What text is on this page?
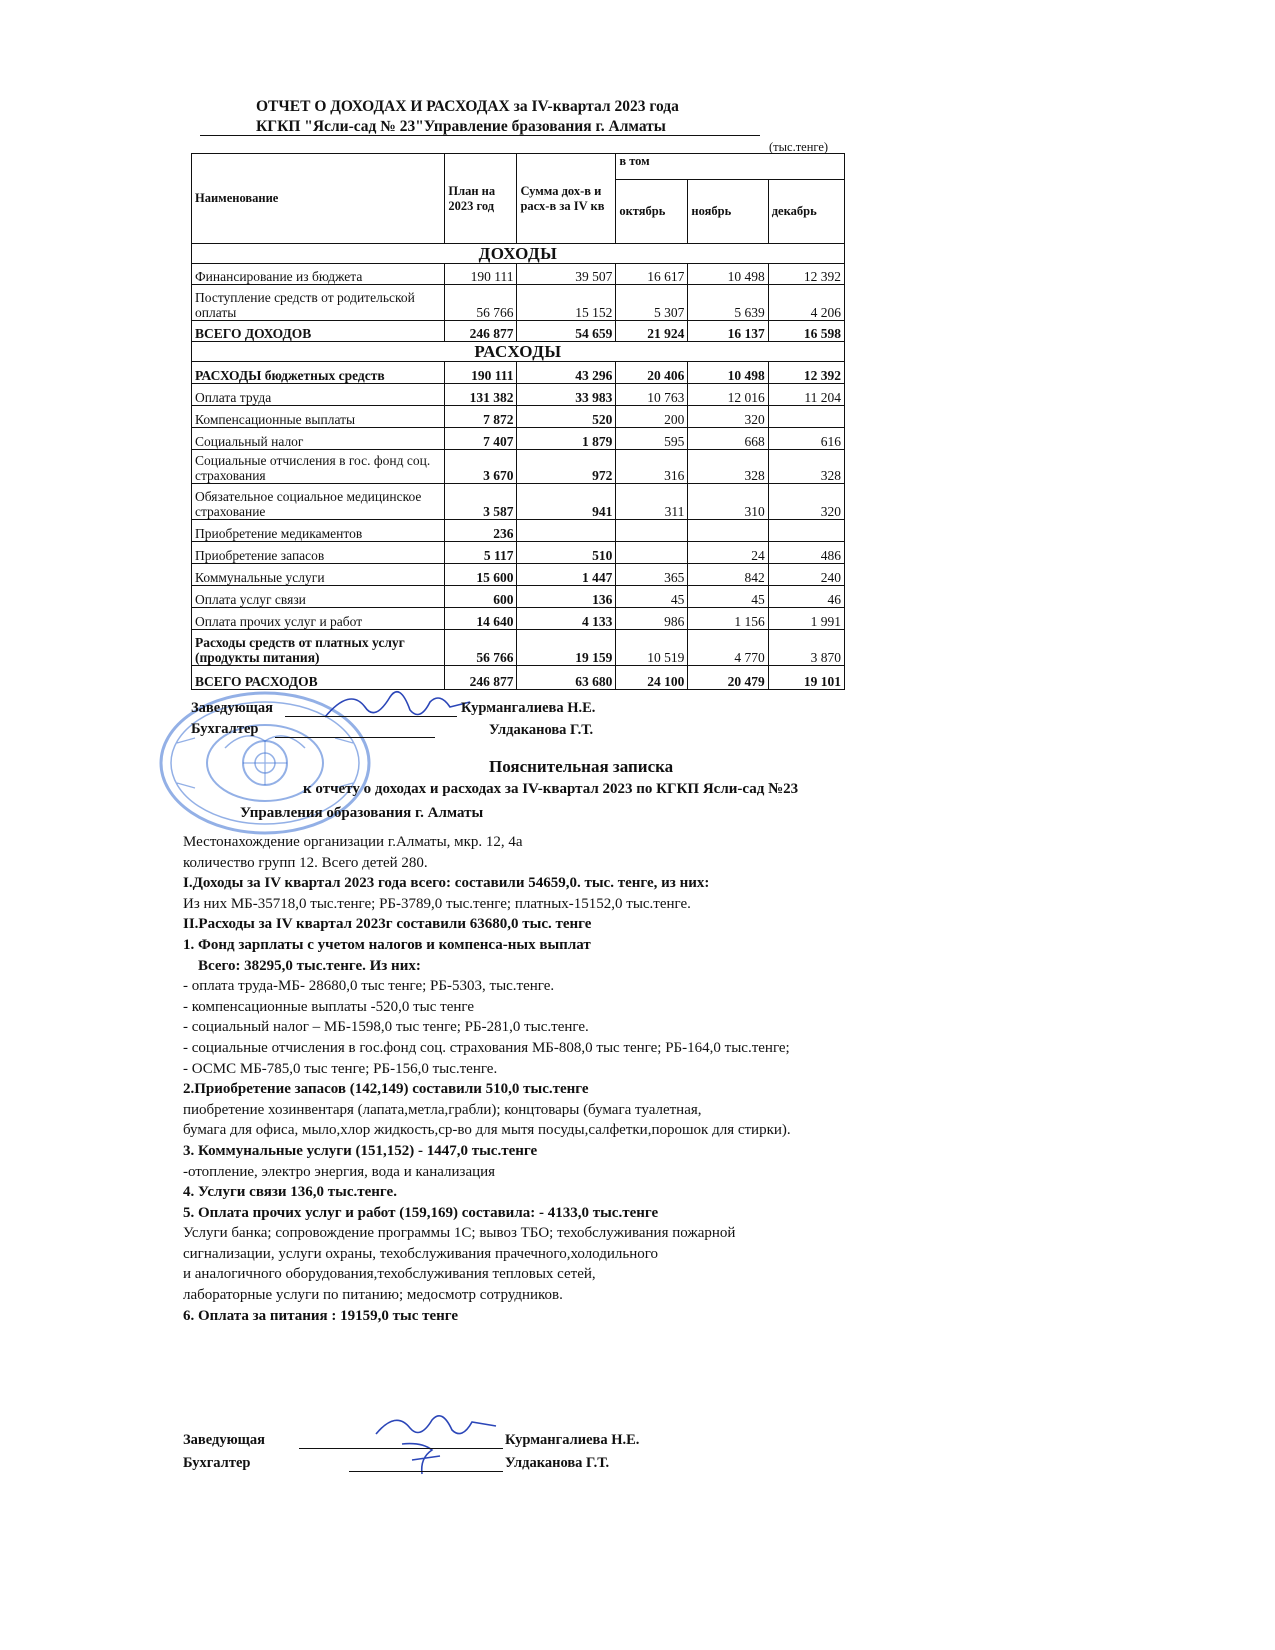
ОТЧЕТ О ДОХОДАХ И РАСХОДАХ за IV-квартал 2023 года
КГКП "Ясли-сад № 23"Управление бразования г. Алматы
(тыс.тенге)
Наименование	План на 2023 год	Сумма дох-в и расх-в за IV кв	в том		
			октябрь	ноябрь	декабрь
ДОХОДЫ					
Финансирование из бюджета	190 111	39 507	16 617	10 498	12 392
Поступление средств от родительской оплаты	56 766	15 152	5 307	5 639	4 206
ВСЕГО ДОХОДОВ	246 877	54 659	21 924	16 137	16 598
РАСХОДЫ					
РАСХОДЫ бюджетных средств	190 111	43 296	20 406	10 498	12 392
Оплата труда	131 382	33 983	10 763	12 016	11 204
Компенсационные выплаты	7 872	520	200	320	
Социальный налог	7 407	1 879	595	668	616
Социальные отчисления в гос. фонд соц. страхования	3 670	972	316	328	328
Обязательное социальное медицинское страхование	3 587	941	311	310	320
Приобретение медикаментов	236				
Приобретение запасов	5 117	510		24	486
Коммунальные услуги	15 600	1 447	365	842	240
Оплата услуг связи	600	136	45	45	46
Оплата прочих услуг и работ	14 640	4 133	986	1 156	1 991
Расходы средств от платных услуг (продукты питания)	56 766	19 159	10 519	4 770	3 870
ВСЕГО РАСХОДОВ	246 877	63 680	24 100	20 479	19 101
Заведующая	Курмангалиева Н.Е.
Бухгалтер	Улдаканова Г.Т.
Пояснительная записка
к отчету о доходах и расходах за IV-квартал 2023 по КГКП Ясли-сад №23
Управления образования г. Алматы
Местонахождение организации г.Алматы, мкр. 12, 4а
количество групп 12. Всего детей 280.
I.Доходы за IV квартал 2023 года всего: составили 54659,0. тыс. тенге, из них:
Из них МБ-35718,0 тыс.тенге; РБ-3789,0 тыс.тенге; платных-15152,0 тыс.тенге.
II.Расходы за IV квартал 2023г составили 63680,0 тыс. тенге
1. Фонд зарплаты с учетом налогов и компенса-ных выплат
Всего: 38295,0 тыс.тенге. Из них:
- оплата труда-МБ- 28680,0 тыс тенге; РБ-5303, тыс.тенге.
- компенсационные выплаты -520,0 тыс тенге
- социальный налог – МБ-1598,0 тыс тенге; РБ-281,0 тыс.тенге.
- социальные отчисления в гос.фонд соц. страхования МБ-808,0 тыс тенге; РБ-164,0 тыс.тенге;
- ОСМС МБ-785,0 тыс тенге; РБ-156,0 тыс.тенге.
2.Приобретение запасов (142,149) составили 510,0 тыс.тенге
пиобретение хозинвентаря (лапата,метла,грабли); концтовары (бумага туалетная,
бумага для офиса, мыло,хлор жидкость,ср-во для мытя посуды,салфетки,порошок для стирки).
3. Коммунальные услуги (151,152) - 1447,0 тыс.тенге
-отопление, электро энергия, вода и канализация
4. Услуги связи 136,0 тыс.тенге.
5. Оплата прочих услуг и работ (159,169) составила: - 4133,0 тыс.тенге
Услуги банка; сопровождение программы 1С; вывоз ТБО; техобслуживания пожарной
сигнализации, услуги охраны, техобслуживания прачечного,холодильного
и аналогичного оборудования,техобслуживания тепловых сетей,
лабораторные услуги по питанию; медосмотр сотрудников.
6. Оплата за питания : 19159,0 тыс тенге
Заведующая	Курмангалиева Н.Е.
Бухгалтер	Улдаканова Г.Т.
